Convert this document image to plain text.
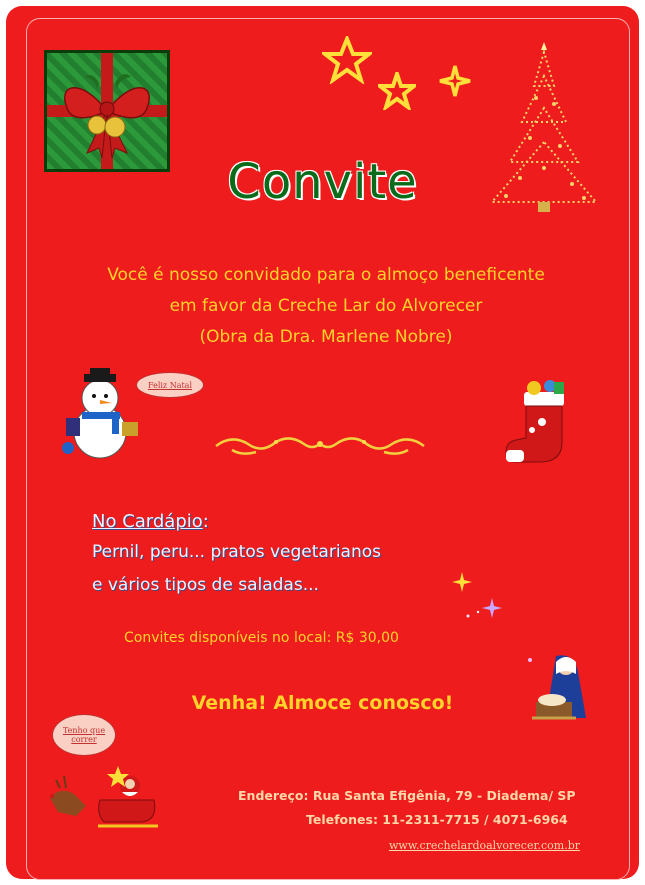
Convite
Você é nosso convidado para o almoço beneficente
em favor da Creche Lar do Alvorecer
(Obra da Dra. Marlene Nobre)
Feliz Natal
No Cardápio:
Pernil, peru... pratos vegetarianos
e vários tipos de saladas...
Convites disponíveis no local: R$ 30,00
Venha! Almoce conosco!
Tenho que correr
Endereço: Rua Santa Efigênia, 79 - Diadema/ SP
Telefones: 11-2311-7715 / 4071-6964
www.crechelardoalvorecer.com.br
